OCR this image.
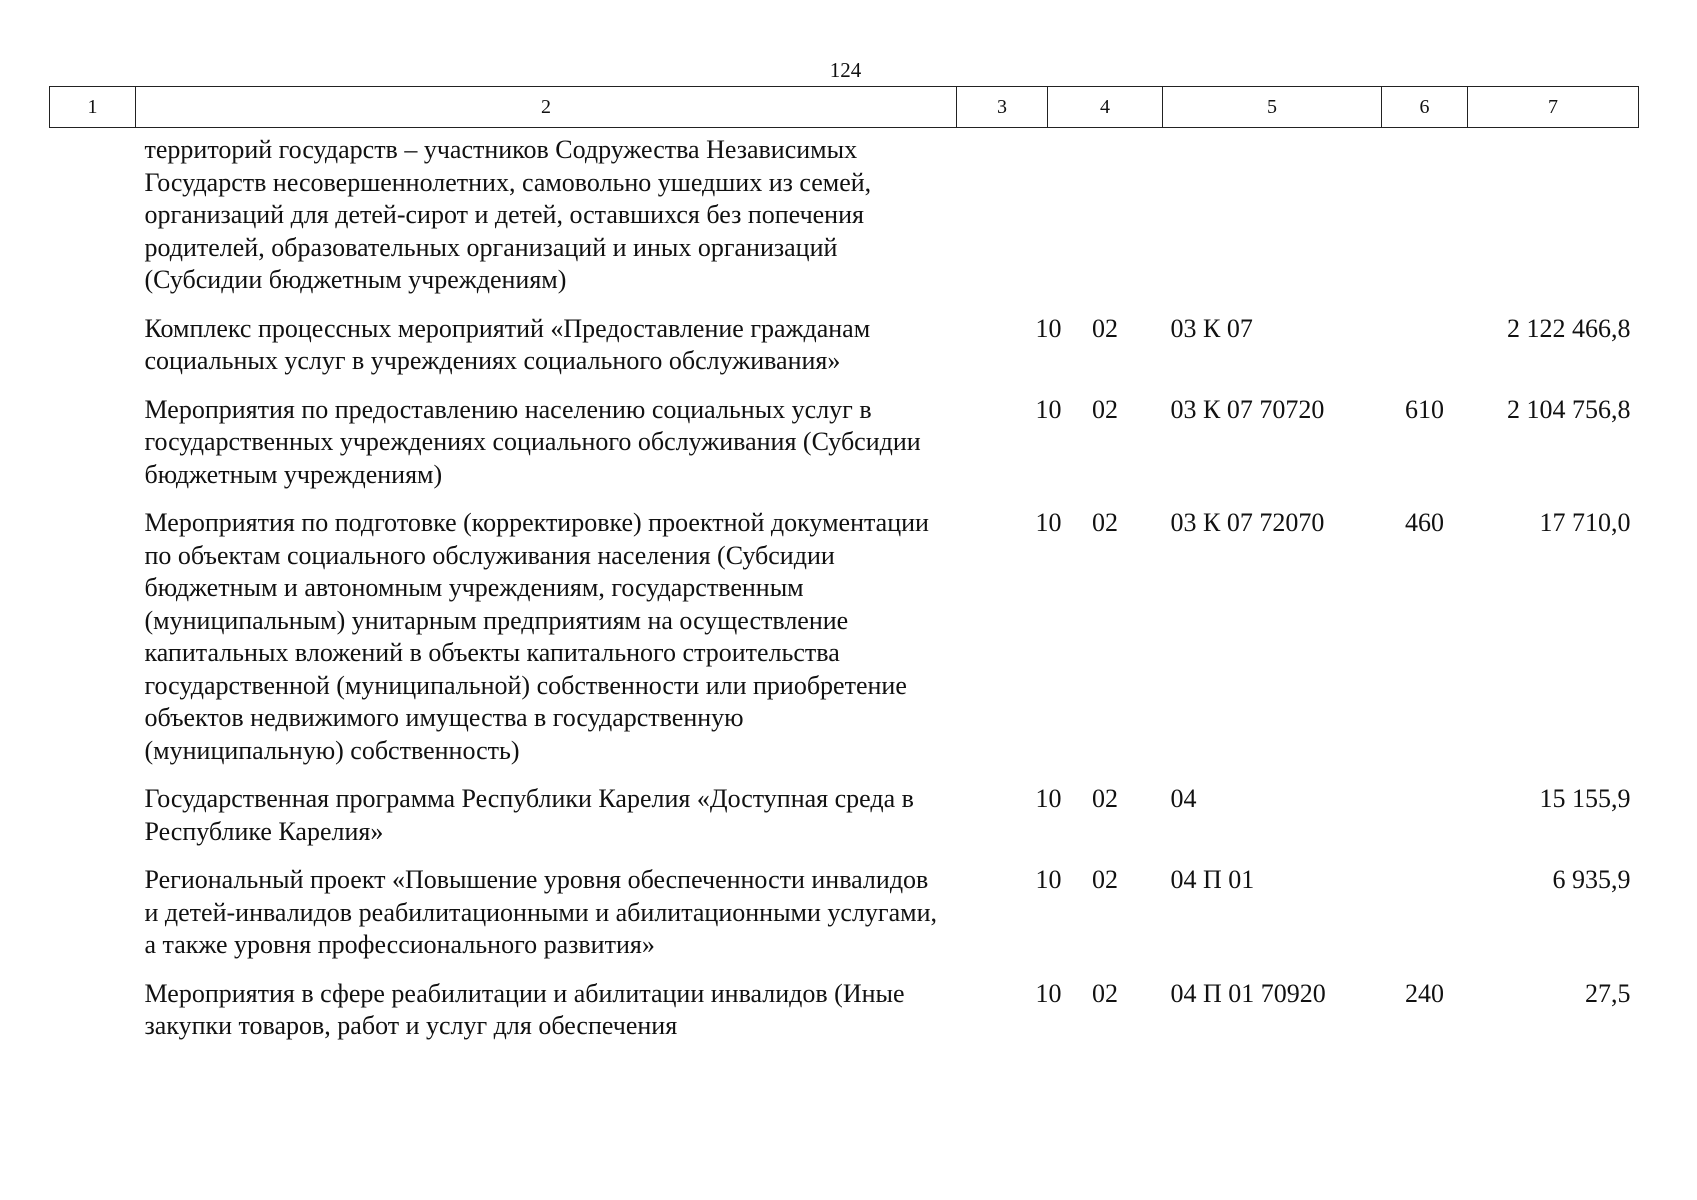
124
1	2	3	4	5	6	7
территорий государств – участников Содружества Независимых Государств несовершеннолетних, самовольно ушедших из семей, организаций для детей-сирот и детей, оставшихся без попечения родителей, образовательных организаций и иных организаций (Субсидии бюджетным учреждениям)						
Комплекс процессных мероприятий «Предоставление гражданам социальных услуг в учреждениях социального обслуживания»		10	02	03 К 07		2 122 466,8
Мероприятия по предоставлению населению социальных услуг в государственных учреждениях социального обслуживания (Субсидии бюджетным учреждениям)		10	02	03 К 07 70720	610	2 104 756,8
Мероприятия по подготовке (корректировке) проектной документации по объектам социального обслуживания населения (Субсидии бюджетным и автономным учреждениям, государственным (муниципальным) унитарным предприятиям на осуществление капитальных вложений в объекты капитального строительства государственной (муниципальной) собственности или приобретение объектов недвижимого имущества в государственную (муниципальную) собственность)		10	02	03 К 07 72070	460	17 710,0
Государственная программа Республики Карелия «Доступная среда в Республике Карелия»		10	02	04		15 155,9
Региональный проект «Повышение уровня обеспеченности инвалидов и детей-инвалидов реабилитационными и абилитационными услугами, а также уровня профессионального развития»		10	02	04 П 01		6 935,9
Мероприятия в сфере реабилитации и абилитации инвалидов (Иные закупки товаров, работ и услуг для обеспечения		10	02	04 П 01 70920	240	27,5
